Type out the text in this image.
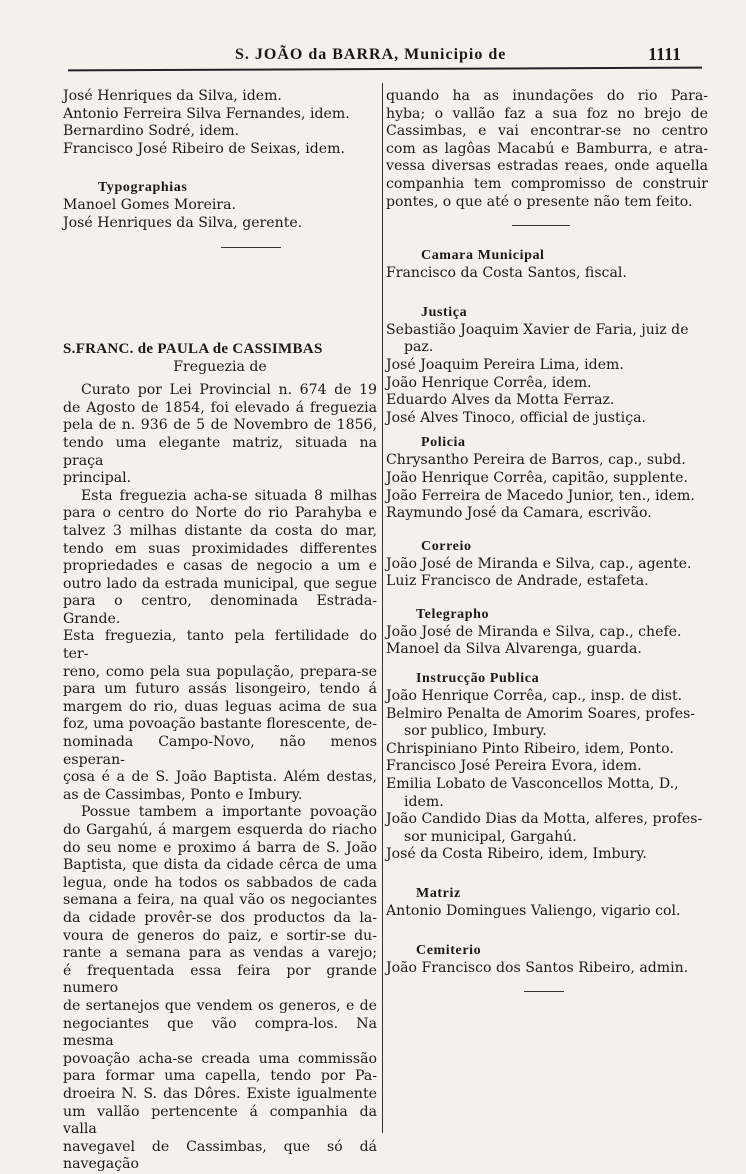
S. JOÃO da BARRA, Municipio de	1111
José Henriques da Silva, idem.
Antonio Ferreira Silva Fernandes, idem.
Bernardino Sodré, idem.
Francisco José Ribeiro de Seixas, idem.
Typographias
Manoel Gomes Moreira.
José Henriques da Silva, gerente.
S.FRANC. de PAULA de CASSIMBAS
Freguezia de
Curato por Lei Provincial n. 674 de 19
de Agosto de 1854, foi elevado á freguezia
pela de n. 936 de 5 de Novembro de 1856,
tendo uma elegante matriz, situada na praça
principal.
Esta freguezia acha-se situada 8 milhas
para o centro do Norte do rio Parahyba e
talvez 3 milhas distante da costa do mar,
tendo em suas proximidades differentes
propriedades e casas de negocio a um e
outro lado da estrada municipal, que segue
para o centro, denominada Estrada-Grande.
Esta freguezia, tanto pela fertilidade do ter-
reno, como pela sua população, prepara-se
para um futuro assás lisongeiro, tendo á
margem do rio, duas leguas acima de sua
foz, uma povoação bastante florescente, de-
nominada Campo-Novo, não menos esperan-
çosa é a de S. João Baptista. Além destas,
as de Cassimbas, Ponto e Imbury.
Possue tambem a importante povoação
do Gargahú, á margem esquerda do riacho
do seu nome e proximo á barra de S. João
Baptista, que dista da cidade cêrca de uma
legua, onde ha todos os sabbados de cada
semana a feira, na qual vão os negociantes
da cidade provêr-se dos productos da la-
voura de generos do paiz, e sortir-se du-
rante a semana para as vendas a varejo;
é frequentada essa feira por grande numero
de sertanejos que vendem os generos, e de
negociantes que vão compra-los. Na mesma
povoação acha-se creada uma commissão
para formar uma capella, tendo por Pa-
droeira N. S. das Dôres. Existe igualmente
um vallão pertencente á companhia da valla
navegavel de Cassimbas, que só dá navegação
quando ha as inundações do rio Para-
hyba; o vallão faz a sua foz no brejo de
Cassimbas, e vai encontrar-se no centro
com as lagôas Macabú e Bamburra, e atra-
vessa diversas estradas reaes, onde aquella
companhia tem compromisso de construir
pontes, o que até o presente não tem feito.
Camara Municipal
Francisco da Costa Santos, fiscal.
Justiça
Sebastião Joaquim Xavier de Faria, juiz de
paz.
José Joaquim Pereira Lima, idem.
João Henrique Corrêa, idem.
Eduardo Alves da Motta Ferraz.
José Alves Tinoco, official de justiça.
Policia
Chrysantho Pereira de Barros, cap., subd.
João Henrique Corrêa, capitão, supplente.
João Ferreira de Macedo Junior, ten., idem.
Raymundo José da Camara, escrivão.
Correio
João José de Miranda e Silva, cap., agente.
Luiz Francisco de Andrade, estafeta.
Telegrapho
João José de Miranda e Silva, cap., chefe.
Manoel da Silva Alvarenga, guarda.
Instrucção Publica
João Henrique Corrêa, cap., insp. de dist.
Belmiro Penalta de Amorim Soares, profes-
sor publico, Imbury.
Chrispiniano Pinto Ribeiro, idem, Ponto.
Francisco José Pereira Evora, idem.
Emilia Lobato de Vasconcellos Motta, D.,
idem.
João Candido Dias da Motta, alferes, profes-
sor municipal, Gargahú.
José da Costa Ribeiro, idem, Imbury.
Matriz
Antonio Domingues Valiengo, vigario col.
Cemiterio
João Francisco dos Santos Ribeiro, admin.
